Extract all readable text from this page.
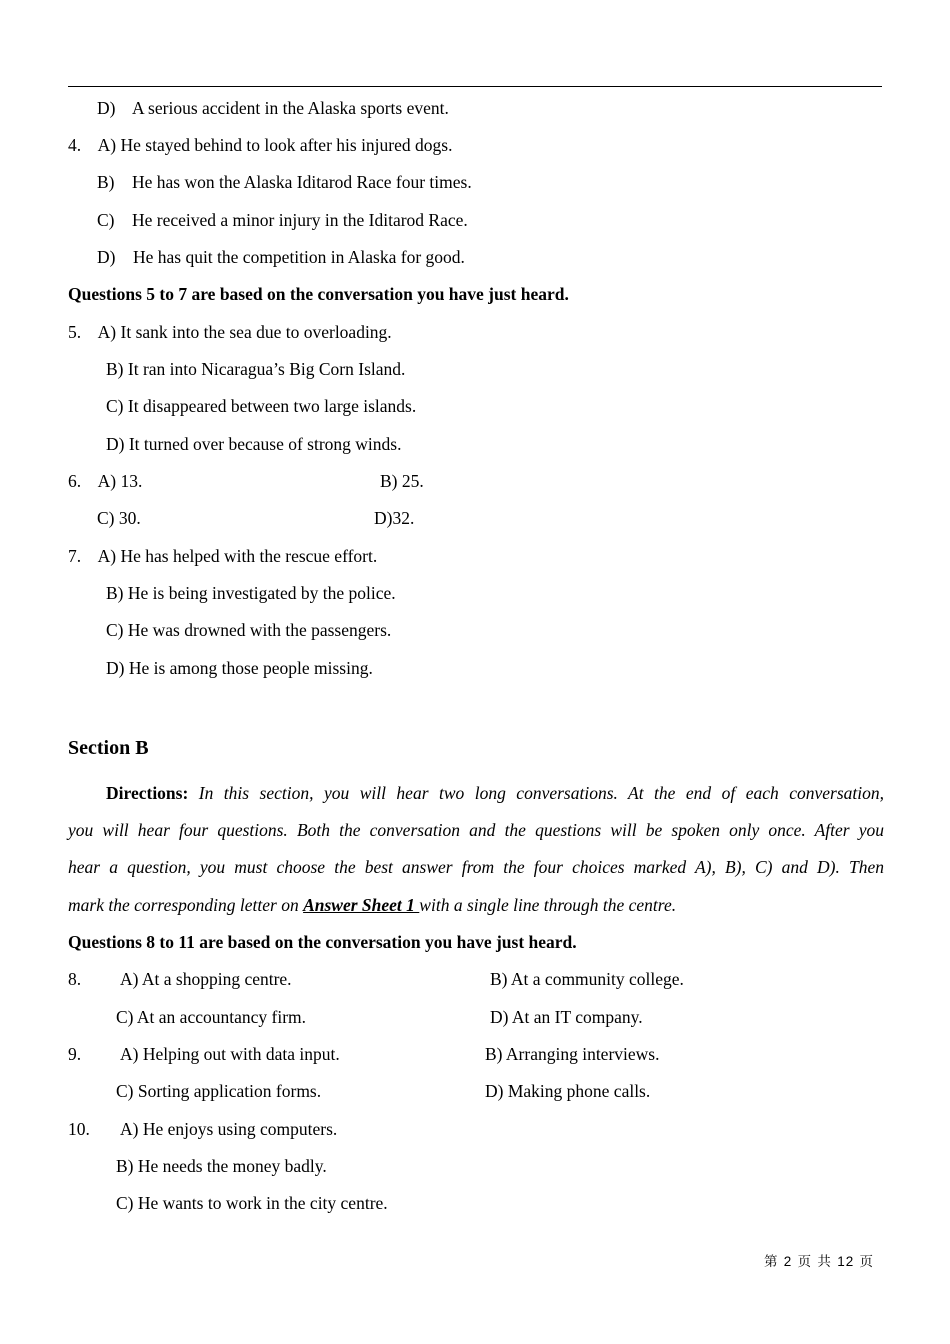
D)    A serious accident in the Alaska sports event.
4.    A) He stayed behind to look after his injured dogs.
B)    He has won the Alaska Iditarod Race four times.
C)    He received a minor injury in the Iditarod Race.
D)    He has quit the competition in Alaska for good.
Questions 5 to 7 are based on the conversation you have just heard.
5.    A) It sank into the sea due to overloading.
B) It ran into Nicaragua’s Big Corn Island.
C) It disappeared between two large islands.
D) It turned over because of strong winds.
6.    A) 13.	B) 25.
C) 30.	D)32.
7.    A) He has helped with the rescue effort.
B) He is being investigated by the police.
C) He was drowned with the passengers.
D) He is among those people missing.
Section B
Directions: In this section, you will hear two long conversations. At the end of each conversation,
you will hear four questions. Both the conversation and the questions will be spoken only once. After you
hear a question, you must choose the best answer from the four choices marked A), B), C) and D). Then
mark the corresponding letter on Answer Sheet 1 with a single line through the centre.
Questions 8 to 11 are based on the conversation you have just heard.
8. A) At a shopping centre.	B) At a community college.
C) At an accountancy firm.	D) At an IT company.
9. A) Helping out with data input.	B) Arranging interviews.
C) Sorting application forms.	D) Making phone calls.
10. A) He enjoys using computers.
B) He needs the money badly.
C) He wants to work in the city centre.
第 2 页 共 12 页
